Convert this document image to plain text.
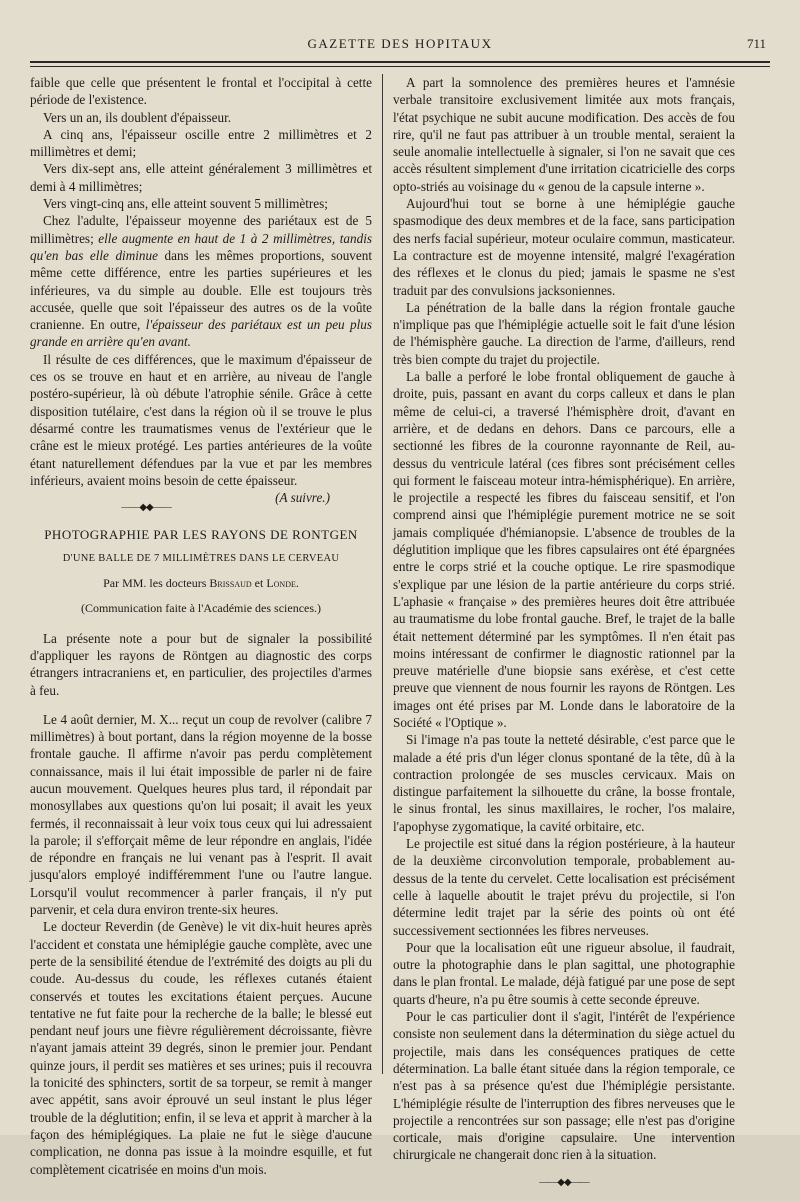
GAZETTE DES HOPITAUX	711

faible que celle que présentent le frontal et l'occipital à cette période de l'existence.

Vers un an, ils doublent d'épaisseur.

A cinq ans, l'épaisseur oscille entre 2 millimètres et 2 millimètres et demi;

Vers dix-sept ans, elle atteint généralement 3 millimètres et demi à 4 millimètres;

Vers vingt-cinq ans, elle atteint souvent 5 millimètres;

Chez l'adulte, l'épaisseur moyenne des pariétaux est de 5 millimètres; elle augmente en haut de 1 à 2 millimètres, tandis qu'en bas elle diminue dans les mêmes proportions, souvent même cette différence, entre les parties supérieures et les inférieures, va du simple au double. Elle est toujours très accusée, quelle que soit l'épaisseur des autres os de la voûte cranienne. En outre, l'épaisseur des pariétaux est un peu plus grande en arrière qu'en avant.

Il résulte de ces différences, que le maximum d'épaisseur de ces os se trouve en haut et en arrière, au niveau de l'angle postéro-supérieur, là où débute l'atrophie sénile. Grâce à cette disposition tutélaire, c'est dans la région où il se trouve le plus désarmé contre les traumatismes venus de l'extérieur que le crâne est le mieux protégé. Les parties antérieures de la voûte étant naturellement défendues par la vue et par les membres inférieurs, avaient moins besoin de cette épaisseur.
(A suivre.)

——◆◆——
PHOTOGRAPHIE PAR LES RAYONS DE RONTGEN
D'UNE BALLE DE 7 MILLIMÈTRES DANS LE CERVEAU
Par MM. les docteurs Brissaud et Londe.
(Communication faite à l'Académie des sciences.)

La présente note a pour but de signaler la possibilité d'appliquer les rayons de Röntgen au diagnostic des corps étrangers intracraniens et, en particulier, des projectiles d'armes à feu.

Le 4 août dernier, M. X... reçut un coup de revolver (calibre 7 millimètres) à bout portant, dans la région moyenne de la bosse frontale gauche. Il affirme n'avoir pas perdu complètement connaissance, mais il lui était impossible de parler ni de faire aucun mouvement. Quelques heures plus tard, il répondait par monosyllabes aux questions qu'on lui posait; il avait les yeux fermés, il reconnaissait à leur voix tous ceux qui lui adressaient la parole; il s'efforçait même de leur répondre en anglais, l'idée de répondre en français ne lui venant pas à l'esprit. Il avait jusqu'alors employé indifféremment l'une ou l'autre langue. Lorsqu'il voulut recommencer à parler français, il n'y put parvenir, et cela dura environ trente-six heures.

Le docteur Reverdin (de Genève) le vit dix-huit heures après l'accident et constata une hémiplégie gauche complète, avec une perte de la sensibilité étendue de l'extrémité des doigts au pli du coude. Au-dessus du coude, les réflexes cutanés étaient conservés et toutes les excitations étaient perçues. Aucune tentative ne fut faite pour la recherche de la balle; le blessé eut pendant neuf jours une fièvre régulièrement décroissante, fièvre n'ayant jamais atteint 39 degrés, sinon le premier jour. Pendant quinze jours, il perdit ses matières et ses urines; puis il recouvra la tonicité des sphincters, sortit de sa torpeur, se remit à manger avec appétit, sans avoir éprouvé un seul instant le plus léger trouble de la déglutition; enfin, il se leva et apprit à marcher à la façon des hémiplégiques. La plaie ne fut le siège d'aucune complication, ne donna pas issue à la moindre esquille, et fut complètement cicatrisée en moins d'un mois.

A part la somnolence des premières heures et l'amnésie verbale transitoire exclusivement limitée aux mots français, l'état psychique ne subit aucune modification. Des accès de fou rire, qu'il ne faut pas attribuer à un trouble mental, seraient la seule anomalie intellectuelle à signaler, si l'on ne savait que ces accès résultent simplement d'une irritation cicatricielle des corps opto-striés au voisinage du « genou de la capsule interne ».

Aujourd'hui tout se borne à une hémiplégie gauche spasmodique des deux membres et de la face, sans participation des nerfs facial supérieur, moteur oculaire commun, masticateur. La contracture est de moyenne intensité, malgré l'exagération des réflexes et le clonus du pied; jamais le spasme ne s'est traduit par des convulsions jacksoniennes.

La pénétration de la balle dans la région frontale gauche n'implique pas que l'hémiplégie actuelle soit le fait d'une lésion de l'hémisphère gauche. La direction de l'arme, d'ailleurs, rend très bien compte du trajet du projectile.

La balle a perforé le lobe frontal obliquement de gauche à droite, puis, passant en avant du corps calleux et dans le plan même de celui-ci, a traversé l'hémisphère droit, d'avant en arrière, et de dedans en dehors. Dans ce parcours, elle a sectionné les fibres de la couronne rayonnante de Reil, au-dessus du ventricule latéral (ces fibres sont précisément celles qui forment le faisceau moteur intra-hémisphérique). En arrière, le projectile a respecté les fibres du faisceau sensitif, et l'on comprend ainsi que l'hémiplégie purement motrice ne se soit jamais compliquée d'hémianopsie. L'absence de troubles de la déglutition implique que les fibres capsulaires ont été épargnées entre le corps strié et la couche optique. Le rire spasmodique s'explique par une lésion de la partie antérieure du corps strié. L'aphasie « française » des premières heures doit être attribuée au traumatisme du lobe frontal gauche. Bref, le trajet de la balle était nettement déterminé par les symptômes. Il n'en était pas moins intéressant de confirmer le diagnostic rationnel par la preuve matérielle d'une biopsie sans exérèse, et c'est cette preuve que viennent de nous fournir les rayons de Röntgen. Les images ont été prises par M. Londe dans le laboratoire de la Société « l'Optique ».

Si l'image n'a pas toute la netteté désirable, c'est parce que le malade a été pris d'un léger clonus spontané de la tête, dû à la contraction prolongée de ses muscles cervicaux. Mais on distingue parfaitement la silhouette du crâne, la bosse frontale, le sinus frontal, les sinus maxillaires, le rocher, l'os malaire, l'apophyse zygomatique, la cavité orbitaire, etc.

Le projectile est situé dans la région postérieure, à la hauteur de la deuxième circonvolution temporale, probablement au-dessus de la tente du cervelet. Cette localisation est précisément celle à laquelle aboutit le trajet prévu du projectile, si l'on détermine ledit trajet par la série des points où ont été successivement sectionnées les fibres nerveuses.

Pour que la localisation eût une rigueur absolue, il faudrait, outre la photographie dans le plan sagittal, une photographie dans le plan frontal. Le malade, déjà fatigué par une pose de sept quarts d'heure, n'a pu être soumis à cette seconde épreuve.

Pour le cas particulier dont il s'agit, l'intérêt de l'expérience consiste non seulement dans la détermination du siège actuel du projectile, mais dans les conséquences pratiques de cette détermination. La balle étant située dans la région temporale, ce n'est pas à sa présence qu'est due l'hémiplégie persistante. L'hémiplégie résulte de l'interruption des fibres nerveuses que le projectile a rencontrées sur son passage; elle n'est pas d'origine corticale, mais d'origine capsulaire. Une intervention chirurgicale ne changerait donc rien à la situation.

——◆◆——
